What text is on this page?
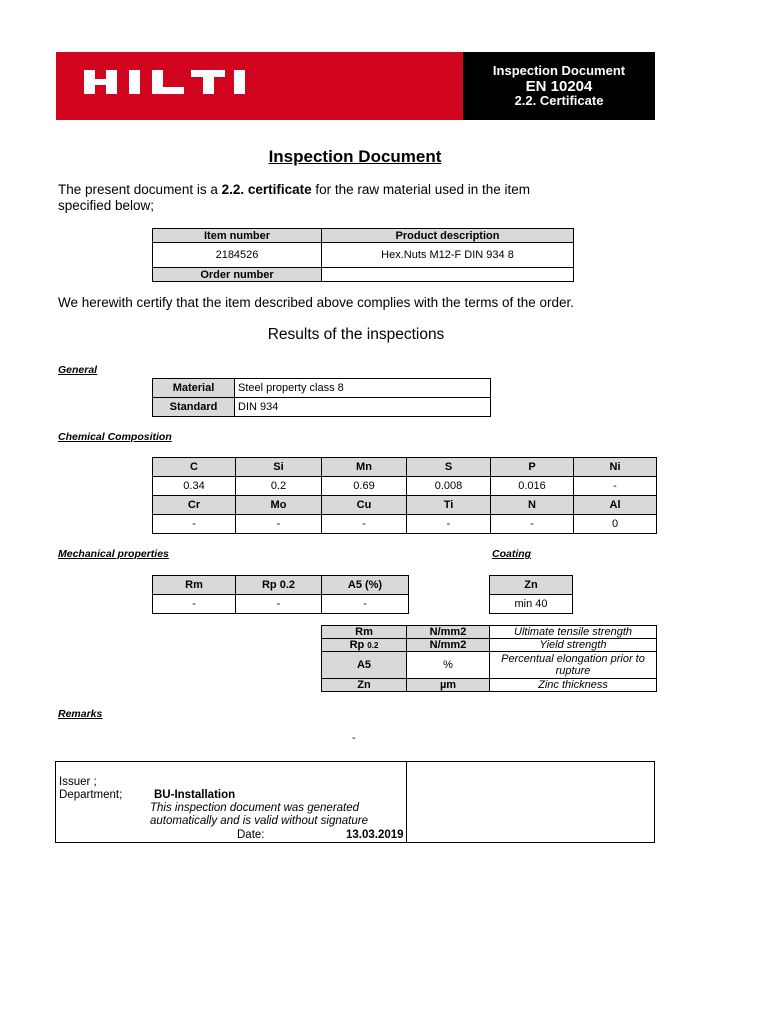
Inspection Document
EN 10204
2.2. Certificate
Inspection Document
The present document is a 2.2. certificate for the raw material used in the item specified below;
Item number	Product description
2184526	Hex.Nuts M12-F DIN 934 8
Order number	
We herewith certify that the item described above complies with the terms of the order.
Results of the inspections
General
Material	Steel property class 8
Standard	DIN 934
Chemical Composition
C	Si	Mn	S	P	Ni
0.34	0.2	0.69	0.008	0.016	-
Cr	Mo	Cu	Ti	N	Al
-	-	-	-	-	0
Mechanical properties	Coating
Rm	Rp 0.2	A5 (%)
-	-	-
Zn
min 40
Rm	N/mm2	Ultimate tensile strength
Rp 0.2	N/mm2	Yield strength
A5	%	Percentual elongation prior to rupture
Zn	µm	Zinc thickness
Remarks
-
Issuer ;
Department;	BU-Installation
This inspection document was generated
automatically and is valid without signature
Date:	13.03.2019
